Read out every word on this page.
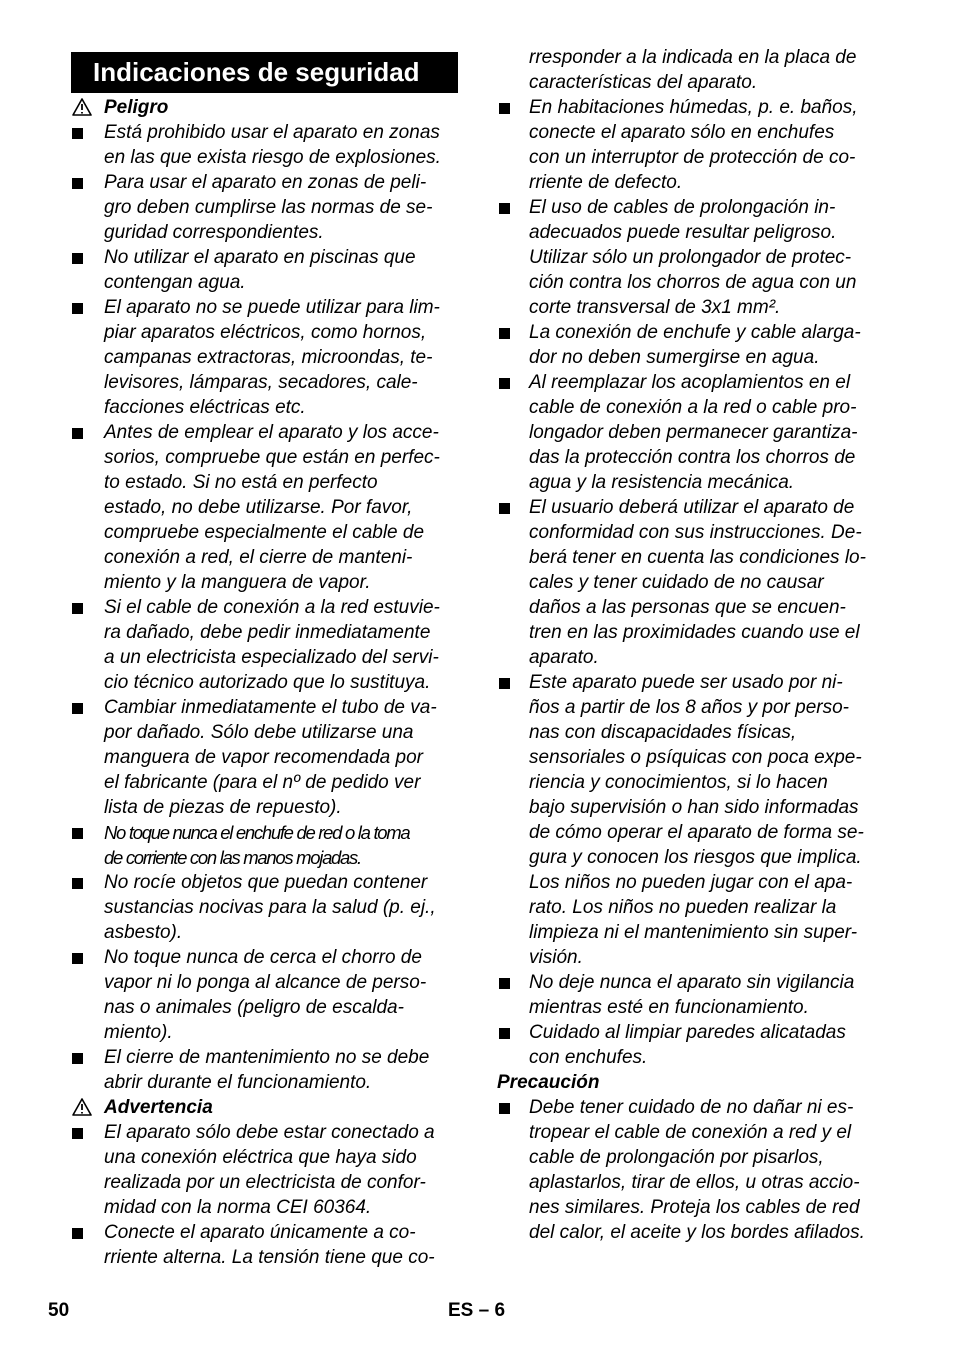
Indicaciones de seguridad
Peligro
Está prohibido usar el aparato en zonas
en las que exista riesgo de explosiones.
Para usar el aparato en zonas de peli-
gro deben cumplirse las normas de se-
guridad correspondientes.
No utilizar el aparato en piscinas que
contengan agua.
El aparato no se puede utilizar para lim-
piar aparatos eléctricos, como hornos,
campanas extractoras, microondas, te-
levisores, lámparas, secadores, cale-
facciones eléctricas etc.
Antes de emplear el aparato y los acce-
sorios, compruebe que están en perfec-
to estado. Si no está en perfecto
estado, no debe utilizarse. Por favor,
compruebe especialmente el cable de
conexión a red, el cierre de manteni-
miento y la manguera de vapor.
Si el cable de conexión a la red estuvie-
ra dañado, debe pedir inmediatamente
a un electricista especializado del servi-
cio técnico autorizado que lo sustituya.
Cambiar inmediatamente el tubo de va-
por dañado. Sólo debe utilizarse una
manguera de vapor recomendada por
el fabricante (para el nº de pedido ver
lista de piezas de repuesto).
No toque nunca el enchufe de red o la toma
de corriente con las manos mojadas.
No rocíe objetos que puedan contener
sustancias nocivas para la salud (p. ej.,
asbesto).
No toque nunca de cerca el chorro de
vapor ni lo ponga al alcance de perso-
nas o animales (peligro de escalda-
miento).
El cierre de mantenimiento no se debe
abrir durante el funcionamiento.
Advertencia
El aparato sólo debe estar conectado a
una conexión eléctrica que haya sido
realizada por un electricista de confor-
midad con la norma CEI 60364.
Conecte el aparato únicamente a co-
rriente alterna. La tensión tiene que co-
rresponder a la indicada en la placa de
características del aparato.
En habitaciones húmedas, p. e. baños,
conecte el aparato sólo en enchufes
con un interruptor de protección de co-
rriente de defecto.
El uso de cables de prolongación in-
adecuados puede resultar peligroso.
Utilizar sólo un prolongador de protec-
ción contra los chorros de agua con un
corte transversal de 3x1 mm².
La conexión de enchufe y cable alarga-
dor no deben sumergirse en agua.
Al reemplazar los acoplamientos en el
cable de conexión a la red o cable pro-
longador deben permanecer garantiza-
das la protección contra los chorros de
agua y la resistencia mecánica.
El usuario deberá utilizar el aparato de
conformidad con sus instrucciones. De-
berá tener en cuenta las condiciones lo-
cales y tener cuidado de no causar
daños a las personas que se encuen-
tren en las proximidades cuando use el
aparato.
Este aparato puede ser usado por ni-
ños a partir de los 8 años y por perso-
nas con discapacidades físicas,
sensoriales o psíquicas con poca expe-
riencia y conocimientos, si lo hacen
bajo supervisión o han sido informadas
de cómo operar el aparato de forma se-
gura y conocen los riesgos que implica.
Los niños no pueden jugar con el apa-
rato. Los niños no pueden realizar la
limpieza ni el mantenimiento sin super-
visión.
No deje nunca el aparato sin vigilancia
mientras esté en funcionamiento.
Cuidado al limpiar paredes alicatadas
con enchufes.
Precaución
Debe tener cuidado de no dañar ni es-
tropear el cable de conexión a red y el
cable de prolongación por pisarlos,
aplastarlos, tirar de ellos, u otras accio-
nes similares. Proteja los cables de red
del calor, el aceite y los bordes afilados.
50	ES – 6
